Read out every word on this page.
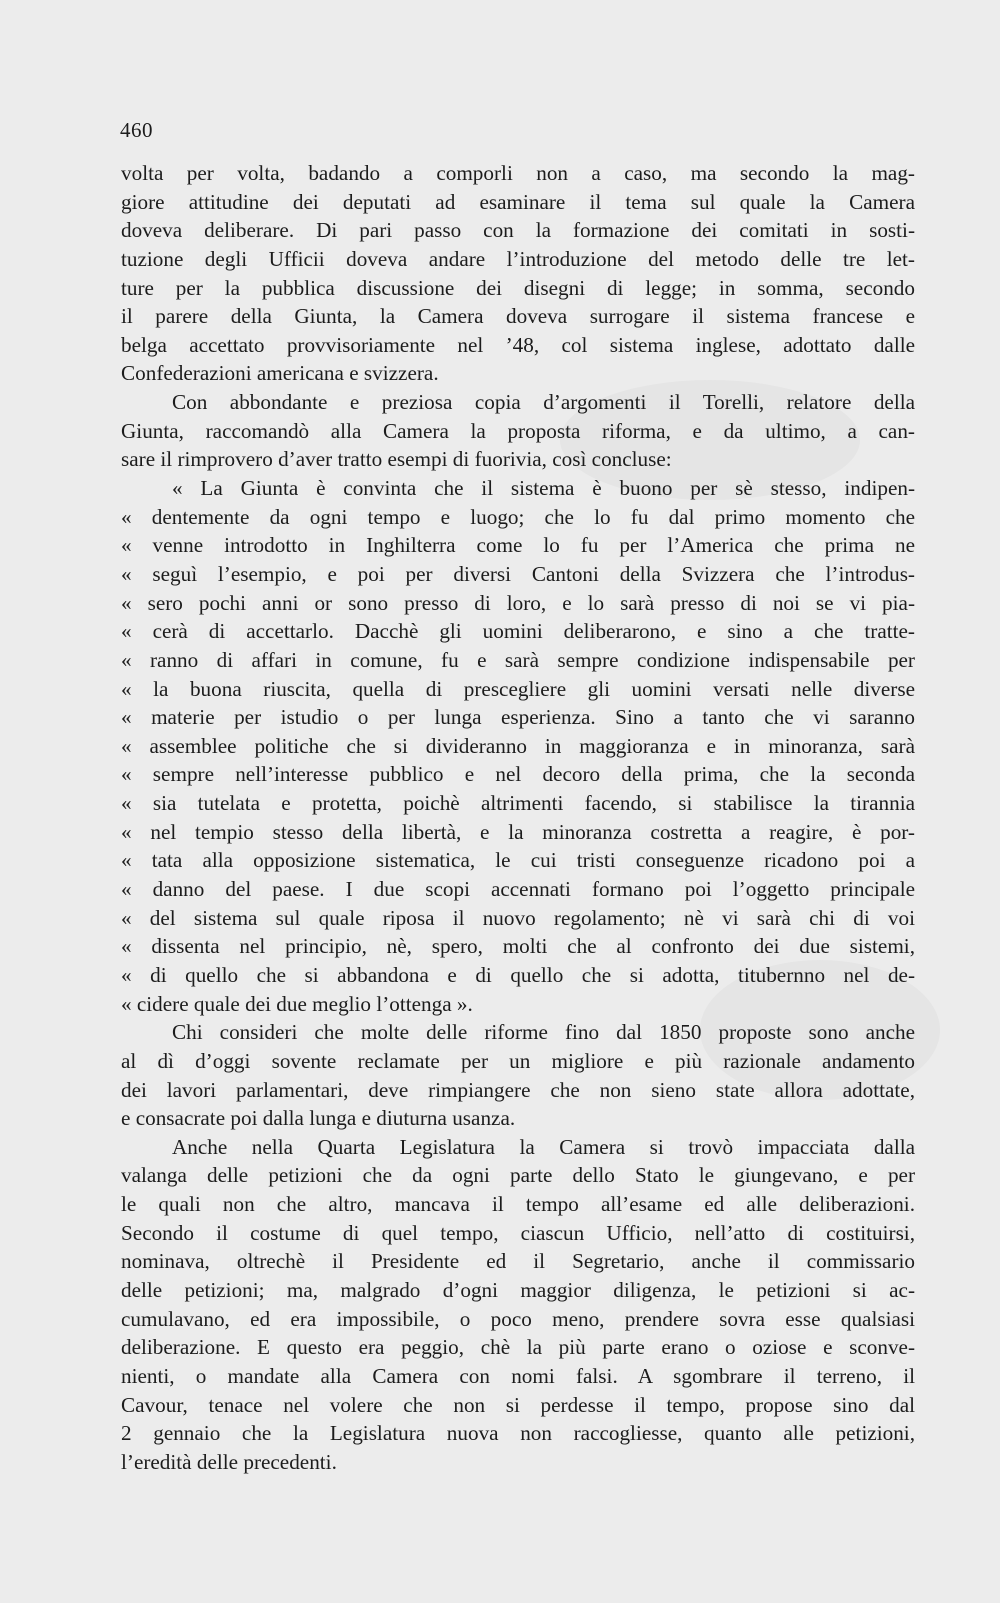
460
volta per volta, badando a comporli non a caso, ma secondo la mag-
giore attitudine dei deputati ad esaminare il tema sul quale la Camera
doveva deliberare. Di pari passo con la formazione dei comitati in sosti-
tuzione degli Ufficii doveva andare l’introduzione del metodo delle tre let-
ture per la pubblica discussione dei disegni di legge; in somma, secondo
il parere della Giunta, la Camera doveva surrogare il sistema francese e
belga accettato provvisoriamente nel ’48, col sistema inglese, adottato dalle
Confederazioni americana e svizzera.
Con abbondante e preziosa copia d’argomenti il Torelli, relatore della
Giunta, raccomandò alla Camera la proposta riforma, e da ultimo, a can-
sare il rimprovero d’aver tratto esempi di fuorivia, così concluse:
« La Giunta è convinta che il sistema è buono per sè stesso, indipen-
« dentemente da ogni tempo e luogo; che lo fu dal primo momento che
« venne introdotto in Inghilterra come lo fu per l’America che prima ne
« seguì l’esempio, e poi per diversi Cantoni della Svizzera che l’introdus-
« sero pochi anni or sono presso di loro, e lo sarà presso di noi se vi pia-
« cerà di accettarlo. Dacchè gli uomini deliberarono, e sino a che tratte-
« ranno di affari in comune, fu e sarà sempre condizione indispensabile per
« la buona riuscita, quella di prescegliere gli uomini versati nelle diverse
« materie per istudio o per lunga esperienza. Sino a tanto che vi saranno
« assemblee politiche che si divideranno in maggioranza e in minoranza, sarà
« sempre nell’interesse pubblico e nel decoro della prima, che la seconda
« sia tutelata e protetta, poichè altrimenti facendo, si stabilisce la tirannia
« nel tempio stesso della libertà, e la minoranza costretta a reagire, è por-
« tata alla opposizione sistematica, le cui tristi conseguenze ricadono poi a
« danno del paese. I due scopi accennati formano poi l’oggetto principale
« del sistema sul quale riposa il nuovo regolamento; nè vi sarà chi di voi
« dissenta nel principio, nè, spero, molti che al confronto dei due sistemi,
« di quello che si abbandona e di quello che si adotta, titubernno nel de-
« cidere quale dei due meglio l’ottenga ».
Chi consideri che molte delle riforme fino dal 1850 proposte sono anche
al dì d’oggi sovente reclamate per un migliore e più razionale andamento
dei lavori parlamentari, deve rimpiangere che non sieno state allora adottate,
e consacrate poi dalla lunga e diuturna usanza.
Anche nella Quarta Legislatura la Camera si trovò impacciata dalla
valanga delle petizioni che da ogni parte dello Stato le giungevano, e per
le quali non che altro, mancava il tempo all’esame ed alle deliberazioni.
Secondo il costume di quel tempo, ciascun Ufficio, nell’atto di costituirsi,
nominava, oltrechè il Presidente ed il Segretario, anche il commissario
delle petizioni; ma, malgrado d’ogni maggior diligenza, le petizioni si ac-
cumulavano, ed era impossibile, o poco meno, prendere sovra esse qualsiasi
deliberazione. E questo era peggio, chè la più parte erano o oziose e sconve-
nienti, o mandate alla Camera con nomi falsi. A sgombrare il terreno, il
Cavour, tenace nel volere che non si perdesse il tempo, propose sino dal
2 gennaio che la Legislatura nuova non raccogliesse, quanto alle petizioni,
l’eredità delle precedenti.
